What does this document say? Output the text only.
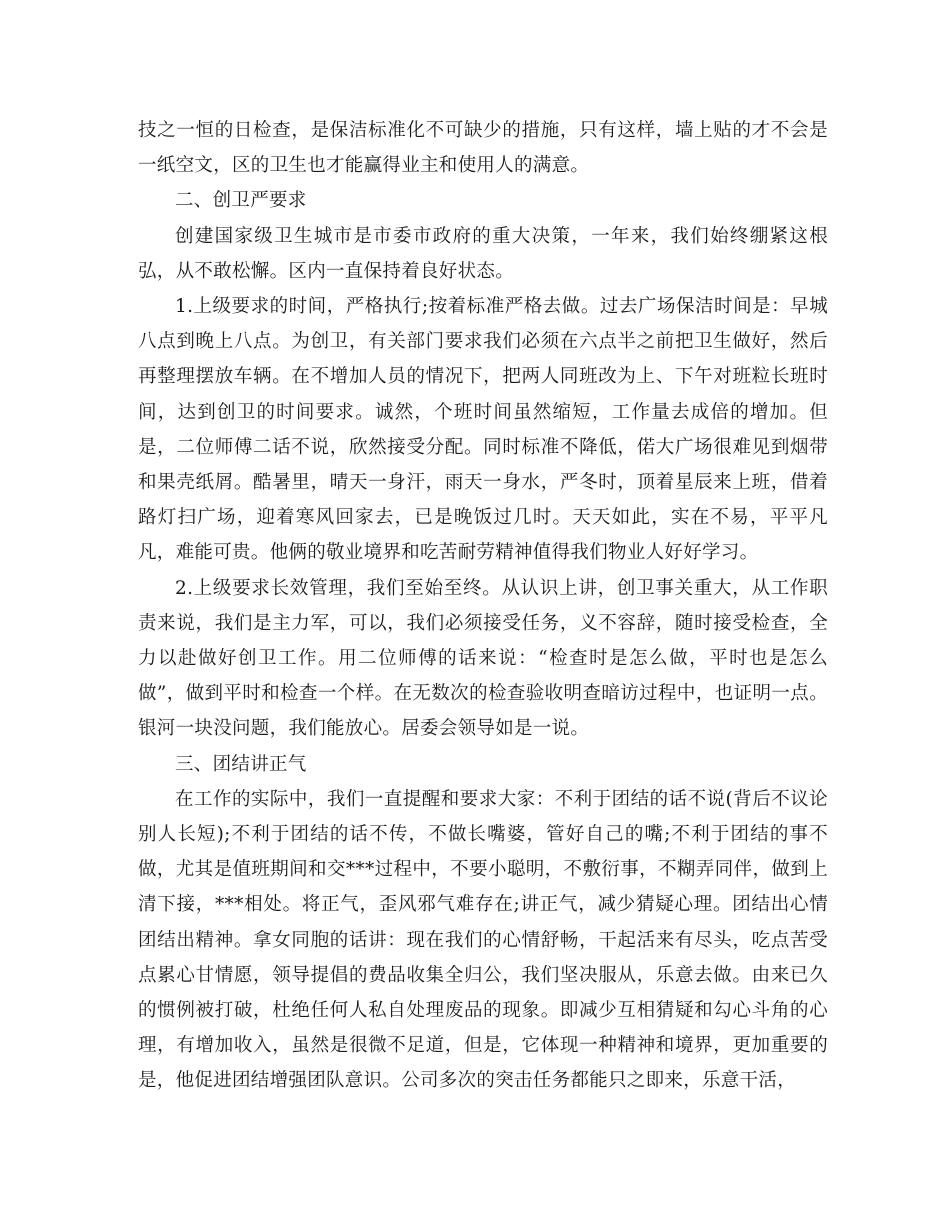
技之一恒的日检查，是保洁标准化不可缺少的措施，只有这样，墙上贴的才不会是一纸空文，区的卫生也才能赢得业主和使用人的满意。

二、创卫严要求

创建国家级卫生城市是市委市政府的重大决策，一年来，我们始终绷紧这根弘，从不敢松懈。区内一直保持着良好状态。

1.上级要求的时间，严格执行;按着标准严格去做。过去广场保洁时间是：早城八点到晚上八点。为创卫，有关部门要求我们必须在六点半之前把卫生做好，然后再整理摆放车辆。在不增加人员的情况下，把两人同班改为上、下午对班粒长班时间，达到创卫的时间要求。诚然，个班时间虽然缩短，工作量去成倍的增加。但是，二位师傅二话不说，欣然接受分配。同时标准不降低，偌大广场很难见到烟带和果壳纸屑。酷暑里，晴天一身汗，雨天一身水，严冬时，顶着星辰来上班，借着路灯扫广场，迎着寒风回家去，已是晚饭过几时。天天如此，实在不易，平平凡凡，难能可贵。他俩的敬业境界和吃苦耐劳精神值得我们物业人好好学习。

2.上级要求长效管理，我们至始至终。从认识上讲，创卫事关重大，从工作职责来说，我们是主力军，可以，我们必须接受任务，义不容辞，随时接受检查，全力以赴做好创卫工作。用二位师傅的话来说：“检查时是怎么做，平时也是怎么做”，做到平时和检查一个样。在无数次的检查验收明查暗访过程中，也证明一点。银河一块没问题，我们能放心。居委会领导如是一说。

三、团结讲正气

在工作的实际中，我们一直提醒和要求大家：不利于团结的话不说(背后不议论别人长短);不利于团结的话不传，不做长嘴婆，管好自己的嘴;不利于团结的事不做，尤其是值班期间和交***过程中，不要小聪明，不敷衍事，不糊弄同伴，做到上清下接，***相处。将正气，歪风邪气难存在;讲正气，减少猜疑心理。团结出心情团结出精神。拿女同胞的话讲：现在我们的心情舒畅，干起活来有尽头，吃点苦受点累心甘情愿，领导提倡的费品收集全归公，我们坚决服从，乐意去做。由来已久的惯例被打破，杜绝任何人私自处理废品的现象。即减少互相猜疑和勾心斗角的心理，有增加收入，虽然是很微不足道，但是，它体现一种精神和境界，更加重要的是，他促进团结增强团队意识。公司多次的突击任务都能只之即来，乐意干活，
